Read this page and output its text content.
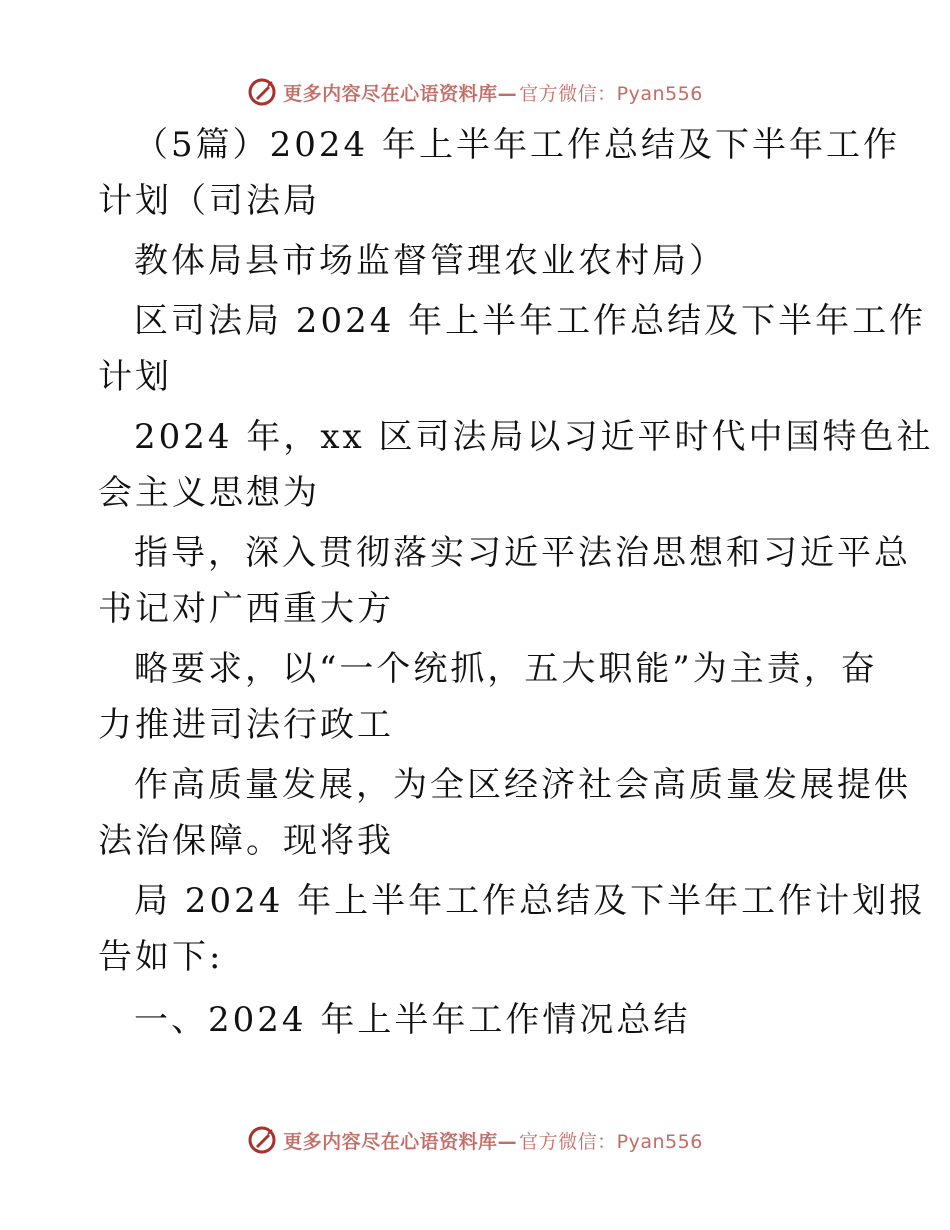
更多内容尽在心语资料库— 官方微信：Pyan556
（5篇）2024 年上半年工作总结及下半年工作
计划（司法局
教体局县市场监督管理农业农村局）
区司法局 2024 年上半年工作总结及下半年工作
计划
2024 年，xx 区司法局以习近平时代中国特色社
会主义思想为
指导，深入贯彻落实习近平法治思想和习近平总
书记对广西重大方
略要求，以“一个统抓，五大职能”为主责，奋
力推进司法行政工
作高质量发展，为全区经济社会高质量发展提供
法治保障。现将我
局 2024 年上半年工作总结及下半年工作计划报
告如下:
一、2024 年上半年工作情况总结
更多内容尽在心语资料库— 官方微信：Pyan556
